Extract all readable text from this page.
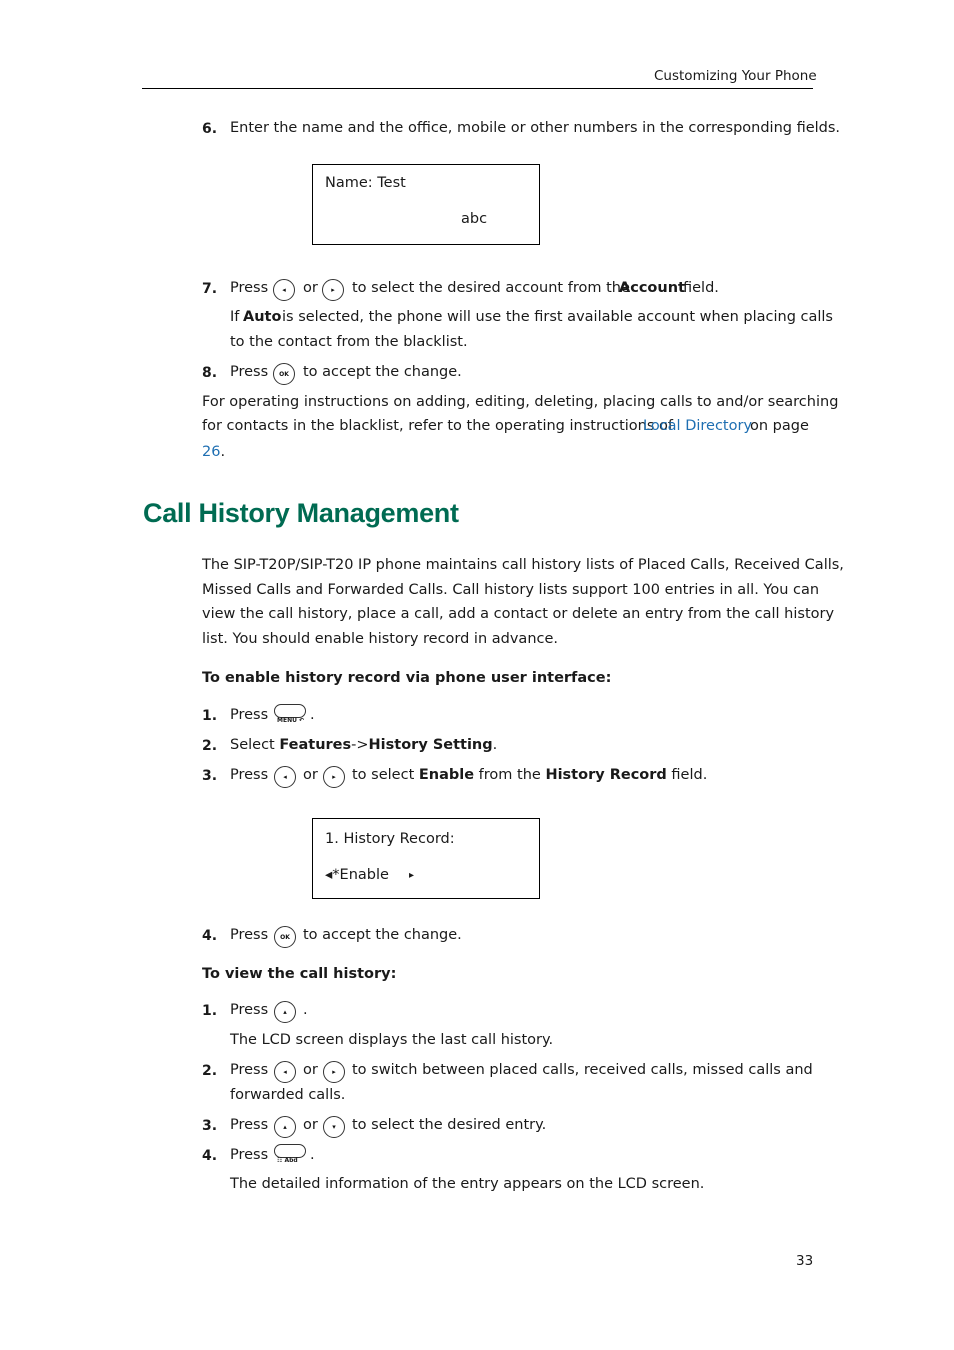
Customizing Your Phone
6. Enter the name and the office, mobile or other numbers in the corresponding fields.
Name: Test
abc
7. Press	◂	or	▸	to select the desired account from the
Account
field.
If Auto is selected, the phone will use the first available account when placing calls
to the contact from the blacklist.
8. Press	OK to accept the change.
For operating instructions on adding, editing, deleting, placing calls to and/or searching
for contacts in the blacklist, refer to the operating instructions of
Local Directory
on page
26.
Call History Management
The SIP-T20P/SIP-T20 IP phone maintains call history lists of Placed Calls, Received Calls,
Missed Calls and Forwarded Calls. Call history lists support 100 entries in all. You can
view the call history, place a call, add a contact or delete an entry from the call history
list. You should enable history record in advance.
To enable history record via phone user interface:
1. Press MENU ↶ .
2. Select Features->History Setting.
3. Press	◂	or	▸	to select Enable from the History Record field.
1. History Record:
◂*Enable ▸
4. Press	OK to accept the change.
To view the call history:
1. Press	▴	.
The LCD screen displays the last call history.
2. Press	◂	or	▸	to switch between placed calls, received calls, missed calls and
forwarded calls.
3. Press	▴	or	▾	to select the desired entry.
4. Press ☷ Abd .
The detailed information of the entry appears on the LCD screen.
33
